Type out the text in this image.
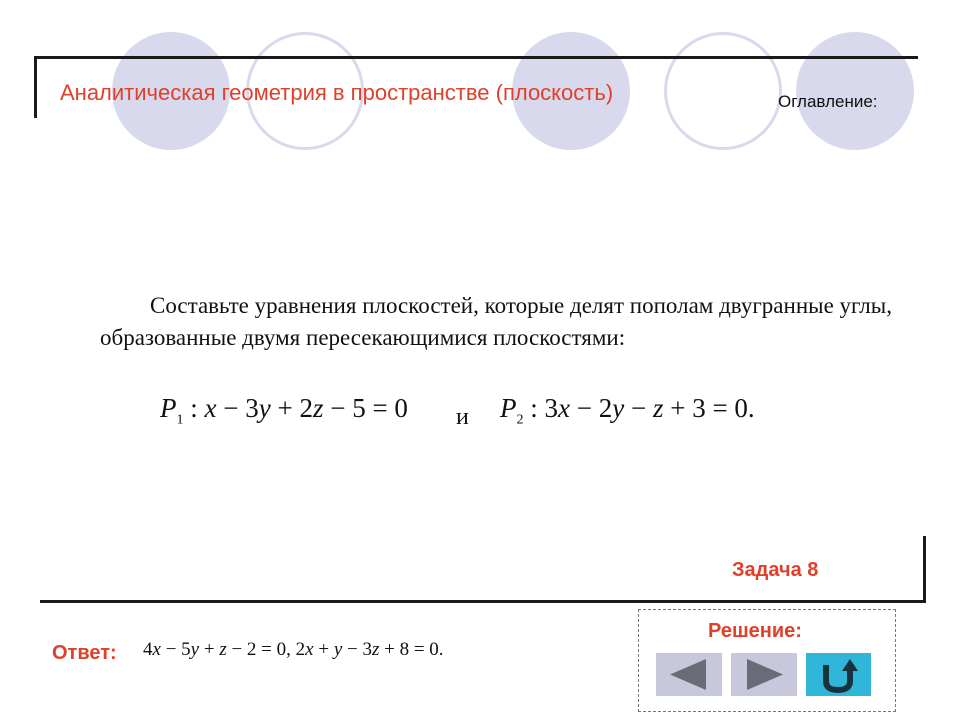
Аналитическая геометрия в пространстве (плоскость)	Оглавление:
Составьте уравнения плоскостей, которые делят пополам двугранные углы, образованные двумя пересекающимися плоскостями:
$P_1$ : x − 3y + 2z − 5 = 0 и $P_2$ : 3x − 2y − z + 3 = 0.
Задача 8
Решение:
Ответ: 4x − 5y + z − 2 = 0, 2x + y − 3z + 8 = 0.
